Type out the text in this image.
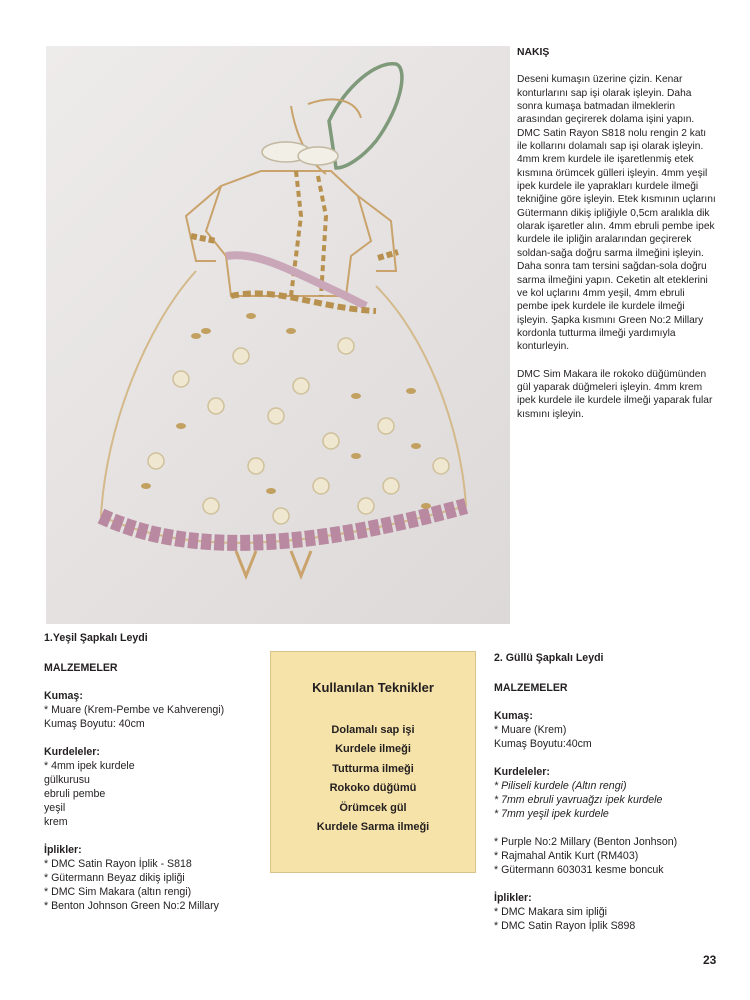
NAKIŞ

Deseni kumaşın üzerine çizin. Kenar konturlarını sap işi olarak işleyin. Daha sonra kumaşa batmadan ilmeklerin arasından geçirerek dolama işini yapın. DMC Satin Rayon S818 nolu rengin 2 katı ile kollarını dolamalı sap işi olarak işleyin. 4mm krem kurdele ile işaretlenmiş etek kısmına örümcek gülleri işleyin. 4mm yeşil ipek kurdele ile yaprakları kurdele ilmeği tekniğine göre işleyin. Etek kısmının uçlarını Gütermann dikiş ipliğiyle 0,5cm aralıkla dik olarak işaretler alın. 4mm ebruli pembe ipek kurdele ile ipliğin aralarından geçirerek soldan-sağa doğru sarma ilmeğini işleyin. Daha sonra tam tersini sağdan-sola doğru sarma ilmeğini yapın. Ceketin alt eteklerini ve kol uçlarını 4mm yeşil, 4mm ebruli pembe ipek kurdele ile kurdele ilmeği işleyin. Şapka kısmını Green No:2 Millary kordonla tutturma ilmeği yardımıyla konturleyin.

DMC Sim Makara ile rokoko düğümünden gül yaparak düğmeleri işleyin. 4mm krem ipek kurdele ile kurdele ilmeği yaparak fular kısmını işleyin.

1.Yeşil Şapkalı Leydi
MALZEMELER
Kumaş:
* Muare (Krem-Pembe ve Kahverengi)
Kumaş Boyutu: 40cm
Kurdeleler:
* 4mm ipek kurdele
gülkurusu
ebruli pembe
yeşil
krem
İplikler:
* DMC Satin Rayon İplik - S818
* Gütermann Beyaz dikiş ipliği
* DMC Sim Makara (altın rengi)
* Benton Johnson Green No:2 Millary
Kullanılan Teknikler
Dolamalı sap işi
Kurdele ilmeği
Tutturma ilmeği
Rokoko düğümü
Örümcek gül
Kurdele Sarma ilmeği
2. Güllü Şapkalı Leydi
MALZEMELER
Kumaş:
* Muare (Krem)
Kumaş Boyutu:40cm
Kurdeleler:
* Piliseli kurdele (Altın rengi)
* 7mm ebruli yavruağzı ipek kurdele
* 7mm yeşil ipek kurdele
* Purple No:2 Millary (Benton Jonhson)
* Rajmahal Antik Kurt (RM403)
* Gütermann 603031 kesme boncuk
İplikler:
* DMC Makara sim ipliği
* DMC Satin Rayon İplik S898
23
